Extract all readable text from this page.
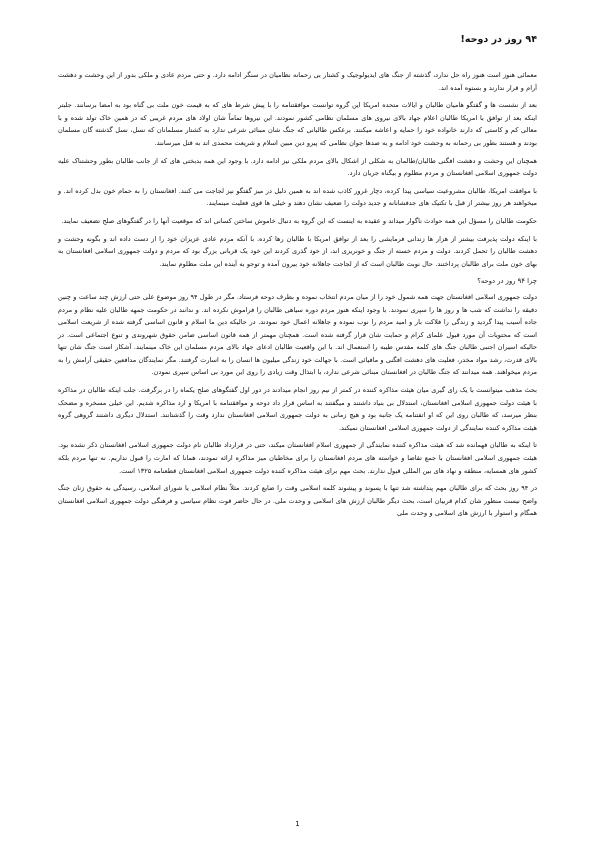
۹۴ روز در دوحه!

معمائی هنوز است هنوز راه حل ندارد، گذشته از جنگ های ایدیولوجیک و کشتار بی رحمانه نظامیان در سنگر ادامه دارد. و حتی مردم عادی و ملکی بدور از این وحشت و دهشت آرام و قرار ندارند و بستوه آمده اند.

بعد از نشست ها و گفتگو هامیان طالبان و ایالات متحده امریکا این گروه توانست موافقتنامه را با پیش شرط های که به قیمت خون ملت بی گناه بود به امضا برسانند. جلبتر اینکه بعد از توافق با امریکا طالبان اعلام جهاد بالای نیروی های مسلمان نظامی کشور نمودند. این نیروها تماماً شان اولاد های مردم غریبی که در همین خاک تولد شده و با معالی کم و کاستی که دارند خانواده خود را حمایه و اعاشه میکنند. برعکس طالبانی که جنگ شان مبنائی شرعی ندارد به کشتار مسلمانان که نسل، نسل گذشته گان مسلمان بودند و هستند بطور بی رحمانه به وحشت خود ادامه و به صدها جوان نظامی که پیرو دین مبین اسلام و شریعت محمدی اند به قتل میرسانند.

همچنان این وحشت و دهشت افگنی طالبان/طالمان به شکلی از اشکال بالای مردم ملکی نیز ادامه دارد. با وجود این همه بدبختی های که از جانب طالبان بطور وحشتناک علیه دولت جمهوری اسلامی افغانستان و مردم مظلوم و بیگناه جریان دارد.

با موافقت امریکا، طالبان مشروعیت سیاسی پیدا کرده، دچار غرور کاذب شده اند به همین دلیل در میز گفتگو نیز لجاجت می کنند. افغانستان را به حمام خون بدل کرده اند. و میخواهند هر روز بیشتر از قبل با تکتیک های جدفشانانه و جدید دولت را ضعیف نشان دهند و خیلی ها قوی فعلیت مینمایند.

حکومت طالبان را مسؤل این همه حوادث ناگوار میداند و عقیده به اینست که این گروه به دنبال خاموش ساختن کسانی اند که موقعیت آنها را در گفتگوهای صلح تضعیف نمایند.

با اینکه دولت پذیرفت بیشتر از هزار ها زندانی فرمایشی را بعد از توافق امریکا با طالبان رها کرده. با آنکه مردم عادی عزیزان خود را از دست داده اند و بگونه وحشت و دهشت طالبان را تحمل کردند. دولت و مردم خسته از جنگ و خونریزی اند، از خود گذری کردند این خود یک قربانی بزرگ بود که مردم و دولت جمهوری اسلامی افغانستان به بهای خون ملت برای طالبان پرداختند. حال نوبت طالبان است که از لجاجت جاهلانه خود بیرون آمده و توجو به آینده این ملت مظلوم نمایند.

چرا ۹۴ روز در دوحه؟

دولت جمهوری اسلامی افغانستان جهت همه شمول خود را از میان مردم انتخاب نموده و بطرف دوحه فرستاد. مگر در طول ۹۴ روز موضوع علی حتی ارزش چند ساعت و چنین دقیقه را نداشت که شب ها و روز ها را سپری نمودند. با وجود اینکه هنوز مردم دوره سیاهی طالبان را فراموش نکرده اند. و ندانند در حکومت جمهه طالبان علیه نظام و مردم جاده آسیب پیدا گردید و زندگی را فلاکت بار و امید مردم را نوب نموده و جاهلانه اعمال خود نمودند. در حالیکه دین ما اسلام و قانون اساسی گرفته شده از شریعت اسلامی است که محتویات آن مورد قبول علمای کرام و حمایت شان قرار گرفته شده است. همچنان مهمتر از همه قانون اساسی ضامن حقوق شهروندی و تنوع اجتماعی است. در حالیکه اسیران اجنبی طالبان جنگ های کلمه مقدس طیبه را استعمال اند. با این واقعیت طالبان ادعای جهاد بالای مردم مسلمان این خاک مینمایند. آشکار است جنگ شان تنها بالای قدرت، رشد مواد مخدر، فعلیت های دهشت افگنی و مافیائی است. با جهالت خود زندگی میلیون ها انسان را به اسارت گرفتند. مگر نمایندگان مدافعین حقیقی آرامش را به مردم میخواهند. همه میدانند که جنگ طالبان در افغانستان مبنائی شرعی ندارد، با ابتذال وقت زیادی را روی این مورد بی اساس سپری نمودن.

بحث مذهب میتوانست با یک رای گیری میان هیئت مذاکره کننده در کمتر از نیم روز انجام میدادند در دور اول گفتگوهای صلح یکماه را در برگرفت. جلب اینکه طالبان در مذاکره با هیئت دولت جمهوری اسلامی افغانستان، استدلال بی بنیاد داشتند و میگفتند به اساس قرار داد دوحه و موافقتنامه با امریکا و ارد مذاکره شدیم. این خیلی مسخره و مضحک بنظر میرسد، که طالبان روی این که او اتفتنامه یک جانبه بود و هیچ زمانی به دولت جمهوری اسلامی افغانستان ندارد وقت را گذشتانند. استدلال دیگری داشتند گروهی گروه هیئت مذاکره کننده نمایندگی از دولت جمهوری اسلامی افغانستان نمیکند.

تا اینکه به طالبان فهمانده شد که هیئت مذاکره کننده نمایندگی از جمهوری اسلام افغانستان میکند، حتی در قرارداد طالبان نام دولت جمهوری اسلامی افغانستان ذکر نشده بود. هیئت جمهوری اسلامی افغانستان با جمع تقاضا و خواسته های مردم افغانستان را برای مخاطبان میز مذاکره ارائه نمودند، همانا که امارت را قبول نداریم. نه تنها مردم بلکه کشور های همسایه، منطقه و نهاد های بین المللی قبول ندارند. بحث مهم برای هیئت مذاکره کننده دولت جمهوری اسلامی افغانستان قطعنامه ۱۳۲۵ است.

در ۹۴ روز بحث که برای طالبان مهم پنداشته شد تنها با پسوند و پیشوند کلمه اسلامی وقت را ضایع کردند. مثلاً نظام اسلامی یا شورای اسلامی، رسیدگی به حقوق زنان جنگ واضح نیست منظور شان کدام قربیان است، بحث دیگر طالبان ارزش های اسلامی و وحدت ملی. در حال حاضر قوت نظام سیاسی و فرهنگی دولت جمهوری اسلامی افغانستان همگام و استوار با ارزش های اسلامی و وحدت ملی

1
